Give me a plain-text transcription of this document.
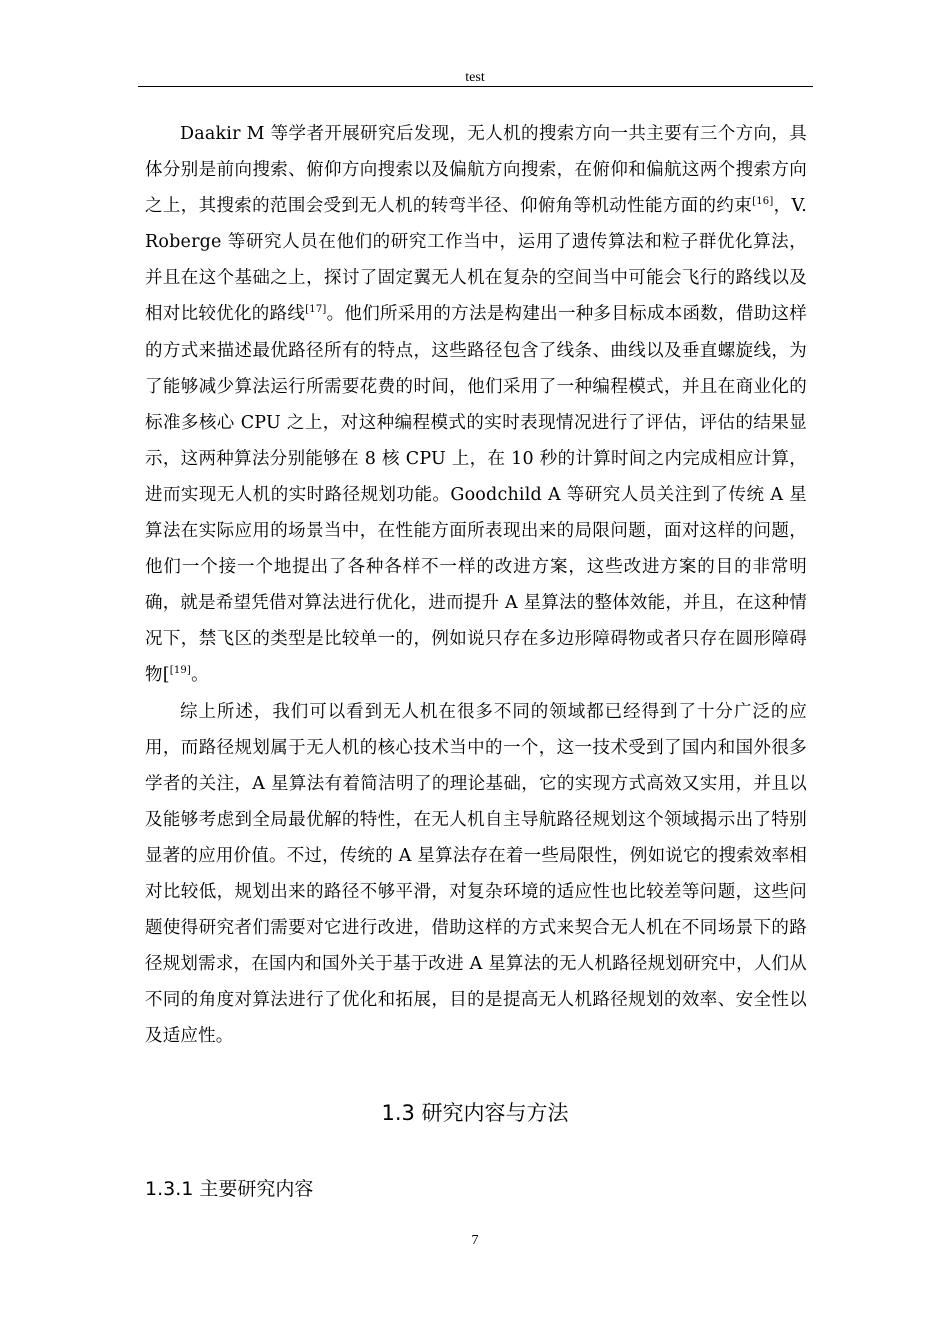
test

Daakir M 等学者开展研究后发现，无人机的搜索方向一共主要有三个方向，具体分别是前向搜索、俯仰方向搜索以及偏航方向搜索，在俯仰和偏航这两个搜索方向之上，其搜索的范围会受到无人机的转弯半径、仰俯角等机动性能方面的约束[16]，V. Roberge 等研究人员在他们的研究工作当中，运用了遗传算法和粒子群优化算法，并且在这个基础之上，探讨了固定翼无人机在复杂的空间当中可能会飞行的路线以及相对比较优化的路线[17]。他们所采用的方法是构建出一种多目标成本函数，借助这样的方式来描述最优路径所有的特点，这些路径包含了线条、曲线以及垂直螺旋线，为了能够减少算法运行所需要花费的时间，他们采用了一种编程模式，并且在商业化的标准多核心 CPU 之上，对这种编程模式的实时表现情况进行了评估，评估的结果显示，这两种算法分别能够在 8 核 CPU 上，在 10 秒的计算时间之内完成相应计算，进而实现无人机的实时路径规划功能。Goodchild A 等研究人员关注到了传统 A 星算法在实际应用的场景当中，在性能方面所表现出来的局限问题，面对这样的问题，他们一个接一个地提出了各种各样不一样的改进方案，这些改进方案的目的非常明确，就是希望凭借对算法进行优化，进而提升 A 星算法的整体效能，并且，在这种情况下，禁飞区的类型是比较单一的，例如说只存在多边形障碍物或者只存在圆形障碍物[[19]。

综上所述，我们可以看到无人机在很多不同的领域都已经得到了十分广泛的应用，而路径规划属于无人机的核心技术当中的一个，这一技术受到了国内和国外很多学者的关注，A 星算法有着简洁明了的理论基础，它的实现方式高效又实用，并且以及能够考虑到全局最优解的特性，在无人机自主导航路径规划这个领域揭示出了特别显著的应用价值。不过，传统的 A 星算法存在着一些局限性，例如说它的搜索效率相对比较低，规划出来的路径不够平滑，对复杂环境的适应性也比较差等问题，这些问题使得研究者们需要对它进行改进，借助这样的方式来契合无人机在不同场景下的路径规划需求，在国内和国外关于基于改进 A 星算法的无人机路径规划研究中，人们从不同的角度对算法进行了优化和拓展，目的是提高无人机路径规划的效率、安全性以及适应性。

1.3 研究内容与方法
1.3.1 主要研究内容
7
